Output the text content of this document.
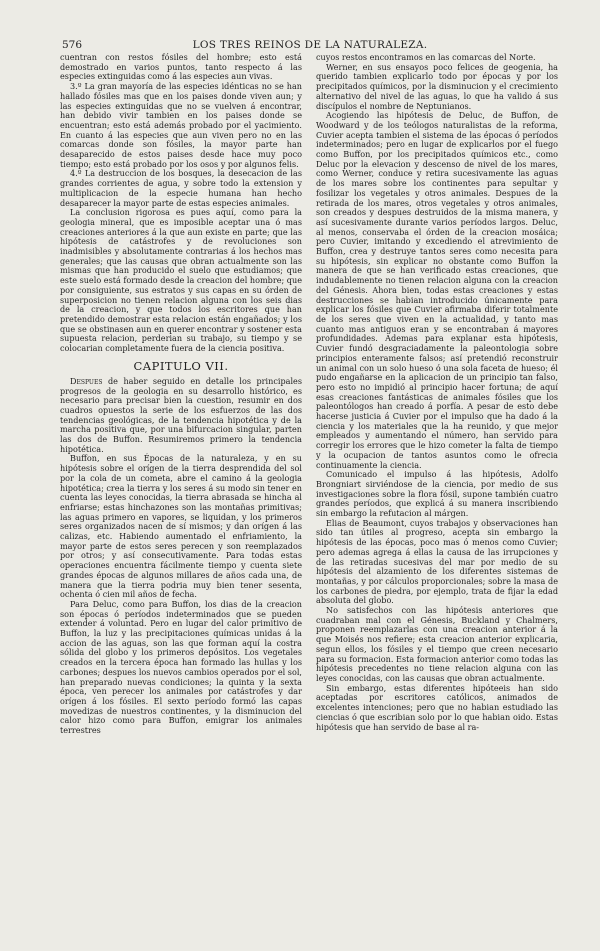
576	LOS TRES REINOS DE LA NATURALEZA.

cuentran con restos fósiles del hombre; esto está demostrado en varios puntos, tanto respecto á las especies extinguidas como á las especies aun vivas.

3.º La gran mayoría de las especies idénticas no se han hallado fósiles mas que en los paises donde viven aun; y las especies extinguidas que no se vuelven á encontrar, han debido vivir tambien en los paises donde se encuentran; esto está además probado por el yacimiento. En cuanto á las especies que aun viven pero no en las comarcas donde son fósiles, la mayor parte han desaparecido de estos paises desde hace muy poco tiempo; esto está probado por los osos y por algunos felis.

4.º La destruccion de los bosques, la desecacion de las grandes corrientes de agua, y sobre todo la extension y multiplicacion de la especie humana han hecho desaparecer la mayor parte de estas especies animales.

La conclusion rigorosa es pues aquí, como para la geologia mineral, que es imposible aceptar una ó mas creaciones anteriores á la que aun existe en parte; que las hipótesis de catástrofes y de revoluciones son inadmisibles y absolutamente contrarias á los hechos mas generales; que las causas que obran actualmente son las mismas que han producido el suelo que estudiamos; que este suelo está formado desde la creacion del hombre; que por consiguiente, sus estratos y sus capas en su órden de superposicion no tienen relacion alguna con los seis dias de la creacion, y que todos los escritores que han pretendido demostrar esta relacion están engañados; y los que se obstinasen aun en querer encontrar y sostener esta supuesta relacion, perderian su trabajo, su tiempo y se colocarian completamente fuera de la ciencia positiva.

CAPITULO VII.

Despues de haber seguido en detalle los principales progresos de la geologia en su desarrollo histórico, es necesario para precisar bien la cuestion, resumir en dos cuadros opuestos la serie de los esfuerzos de las dos tendencias geológicas, de la tendencia hipotética y de la marcha positiva que, por una bifurcacion singular, parten las dos de Buffon. Resumiremos primero la tendencia hipotética.

Buffon, en sus Épocas de la naturaleza, y en su hipótesis sobre el orígen de la tierra desprendida del sol por la cola de un cometa, abre el camino á la geologia hipotética; crea la tierra y los seres á su modo sin tener en cuenta las leyes conocidas, la tierra abrasada se hincha al enfriarse; estas hinchazones son las montañas primitivas; las aguas primero en vapores, se liquidan, y los primeros seres organizados nacen de sí mismos; y dan orígen á las calizas, etc. Habiendo aumentado el enfriamiento, la mayor parte de estos seres perecen y son reemplazados por otros; y así consecutivamente. Para todas estas operaciones encuentra fácilmente tiempo y cuenta siete grandes épocas de algunos millares de años cada una, de manera que la tierra podria muy bien tener sesenta, ochenta ó cien mil años de fecha.

Para Deluc, como para Buffon, los dias de la creacion son épocas ó períodos indeterminados que se pueden extender á voluntad. Pero en lugar del calor primitivo de Buffon, la luz y las precipitaciones químicas unidas á la accion de las aguas, son las que forman aquí la costra sólida del globo y los primeros depósitos. Los vegetales creados en la tercera época han formado las hullas y los carbones; despues los nuevos cambios operados por el sol, han preparado nuevas condiciones; la quinta y la sexta época, ven perecer los animales por catástrofes y dar orígen á los fósiles. El sexto período formó las capas movedizas de nuestros continentes, y la disminucion del calor hizo como para Buffon, emigrar los animales terrestres

cuyos restos encontramos en las comarcas del Norte.

Werner, en sus ensayos poco felices de geogenia, ha querido tambien explicarlo todo por épocas y por los precipitados químicos, por la disminucion y el crecimiento alternativo del nivel de las aguas, lo que ha valido á sus discípulos el nombre de Neptunianos.

Acogiendo las hipótesis de Deluc, de Buffon, de Woodward y de los teólogos naturalistas de la reforma, Cuvier acepta tambien el sistema de las épocas ó períodos indeterminados; pero en lugar de explicarlos por el fuego como Buffon, por los precipitados químicos etc., como Deluc por la elevacion y descenso de nivel de los mares, como Werner, conduce y retira sucesivamente las aguas de los mares sobre los continentes para sepultar y fosilizar los vegetales y otros animales. Despues de la retirada de los mares, otros vegetales y otros animales, son creados y despues destruidos de la misma manera, y así sucesivamente durante varios períodos largos. Deluc, al menos, conservaba el órden de la creacion mosáica; pero Cuvier, imitando y excediendo el atrevimiento de Buffon, crea y destruye tantos seres como necesita para su hipótesis, sin explicar no obstante como Buffon la manera de que se han verificado estas creaciones, que indudablemente no tienen relacion alguna con la creacion del Génesis. Ahora bien, todas estas creaciones y estas destrucciones se habian introducido únicamente para explicar los fósiles que Cuvier afirmaba diferir totalmente de los seres que viven en la actualidad, y tanto mas cuanto mas antiguos eran y se encontraban á mayores profundidades. Ademas para explanar esta hipótesis, Cuvier fundó desgraciadamente la paleontologia sobre principios enteramente falsos; así pretendió reconstruir un animal con un solo hueso ó una sola faceta de hueso; él pudo engañarse en la aplicacion de un principio tan falso, pero esto no impidió al principio hacer fortuna; de aquí esas creaciones fantásticas de animales fósiles que los paleontólogos han creado á porfía. A pesar de esto debe hacerse justicia á Cuvier por el impulso que ha dado á la ciencia y los materiales que la ha reunido, y que mejor empleados y aumentando el número, han servido para corregir los errores que le hizo cometer la falta de tiempo y la ocupacion de tantos asuntos como le ofrecia continuamente la ciencia.

Comunicado el impulso á las hipótesis, Adolfo Brongniart sirviéndose de la ciencia, por medio de sus investigaciones sobre la flora fósil, supone también cuatro grandes períodos, que explicá á su manera inscribiendo sin embargo la refutacion al márgen.

Elias de Beaumont, cuyos trabajos y observaciones han sido tan útiles al progreso, acepta sin embargo la hipótesis de las épocas, poco mas ó menos como Cuvier; pero ademas agrega á ellas la causa de las irrupciones y de las retiradas sucesivas del mar por medio de su hipótesis del alzamiento de los diferentes sistemas de montañas, y por cálculos proporcionales; sobre la masa de los carbones de piedra, por ejemplo, trata de fijar la edad absoluta del globo.

No satisfechos con las hipótesis anteriores que cuadraban mal con el Génesis, Buckland y Chalmers, proponen reemplazarlas con una creacion anterior á la que Moisés nos refiere; esta creacion anterior explicaria, segun ellos, los fósiles y el tiempo que creen necesario para su formacion. Esta formacion anterior como todas las hipótesis precedentes no tiene relacion alguna con las leyes conocidas, con las causas que obran actualmente.

Sin embargo, estas diferentes hipóteeis han sido aceptadas por escritores católicos, animados de excelentes intenciones; pero que no habian estudiado las ciencias ó que escribian solo por lo que habian oido. Estas hipótesis que han servido de base al ra-
